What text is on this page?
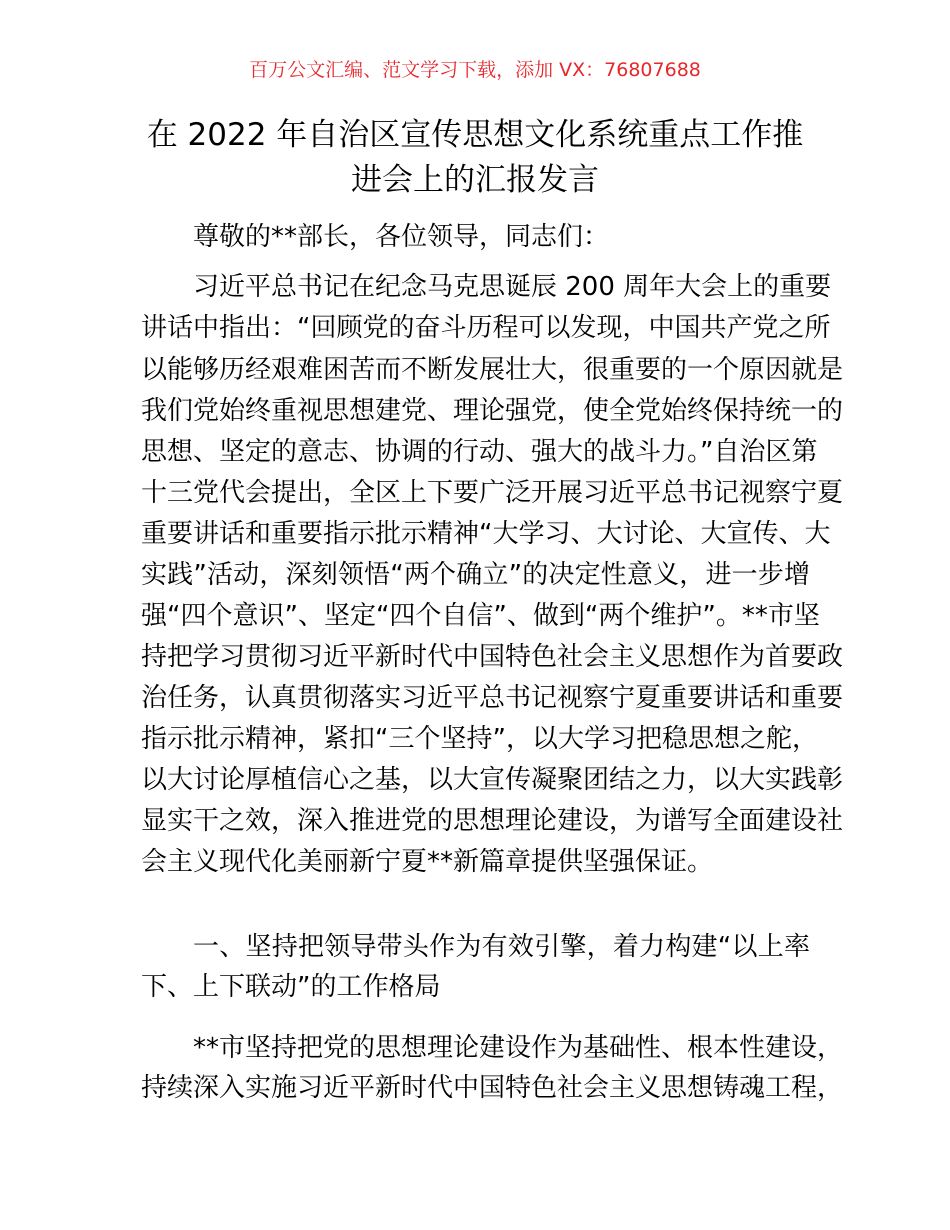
百万公文汇编、范文学习下载，添加 VX：76807688
在 2022 年自治区宣传思想文化系统重点工作推
进会上的汇报发言
尊敬的**部长，各位领导，同志们：
习近平总书记在纪念马克思诞辰 200 周年大会上的重要
讲话中指出：“回顾党的奋斗历程可以发现，中国共产党之所
以能够历经艰难困苦而不断发展壮大，很重要的一个原因就是
我们党始终重视思想建党、理论强党，使全党始终保持统一的
思想、坚定的意志、协调的行动、强大的战斗力。”自治区第
十三党代会提出，全区上下要广泛开展习近平总书记视察宁夏
重要讲话和重要指示批示精神“大学习、大讨论、大宣传、大
实践”活动，深刻领悟“两个确立”的决定性意义，进一步增
强“四个意识”、坚定“四个自信”、做到“两个维护”。**市坚
持把学习贯彻习近平新时代中国特色社会主义思想作为首要政
治任务，认真贯彻落实习近平总书记视察宁夏重要讲话和重要
指示批示精神，紧扣“三个坚持”，以大学习把稳思想之舵，
以大讨论厚植信心之基，以大宣传凝聚团结之力，以大实践彰
显实干之效，深入推进党的思想理论建设，为谱写全面建设社
会主义现代化美丽新宁夏**新篇章提供坚强保证。
一、坚持把领导带头作为有效引擎，着力构建“以上率
下、上下联动”的工作格局
**市坚持把党的思想理论建设作为基础性、根本性建设，
持续深入实施习近平新时代中国特色社会主义思想铸魂工程，
